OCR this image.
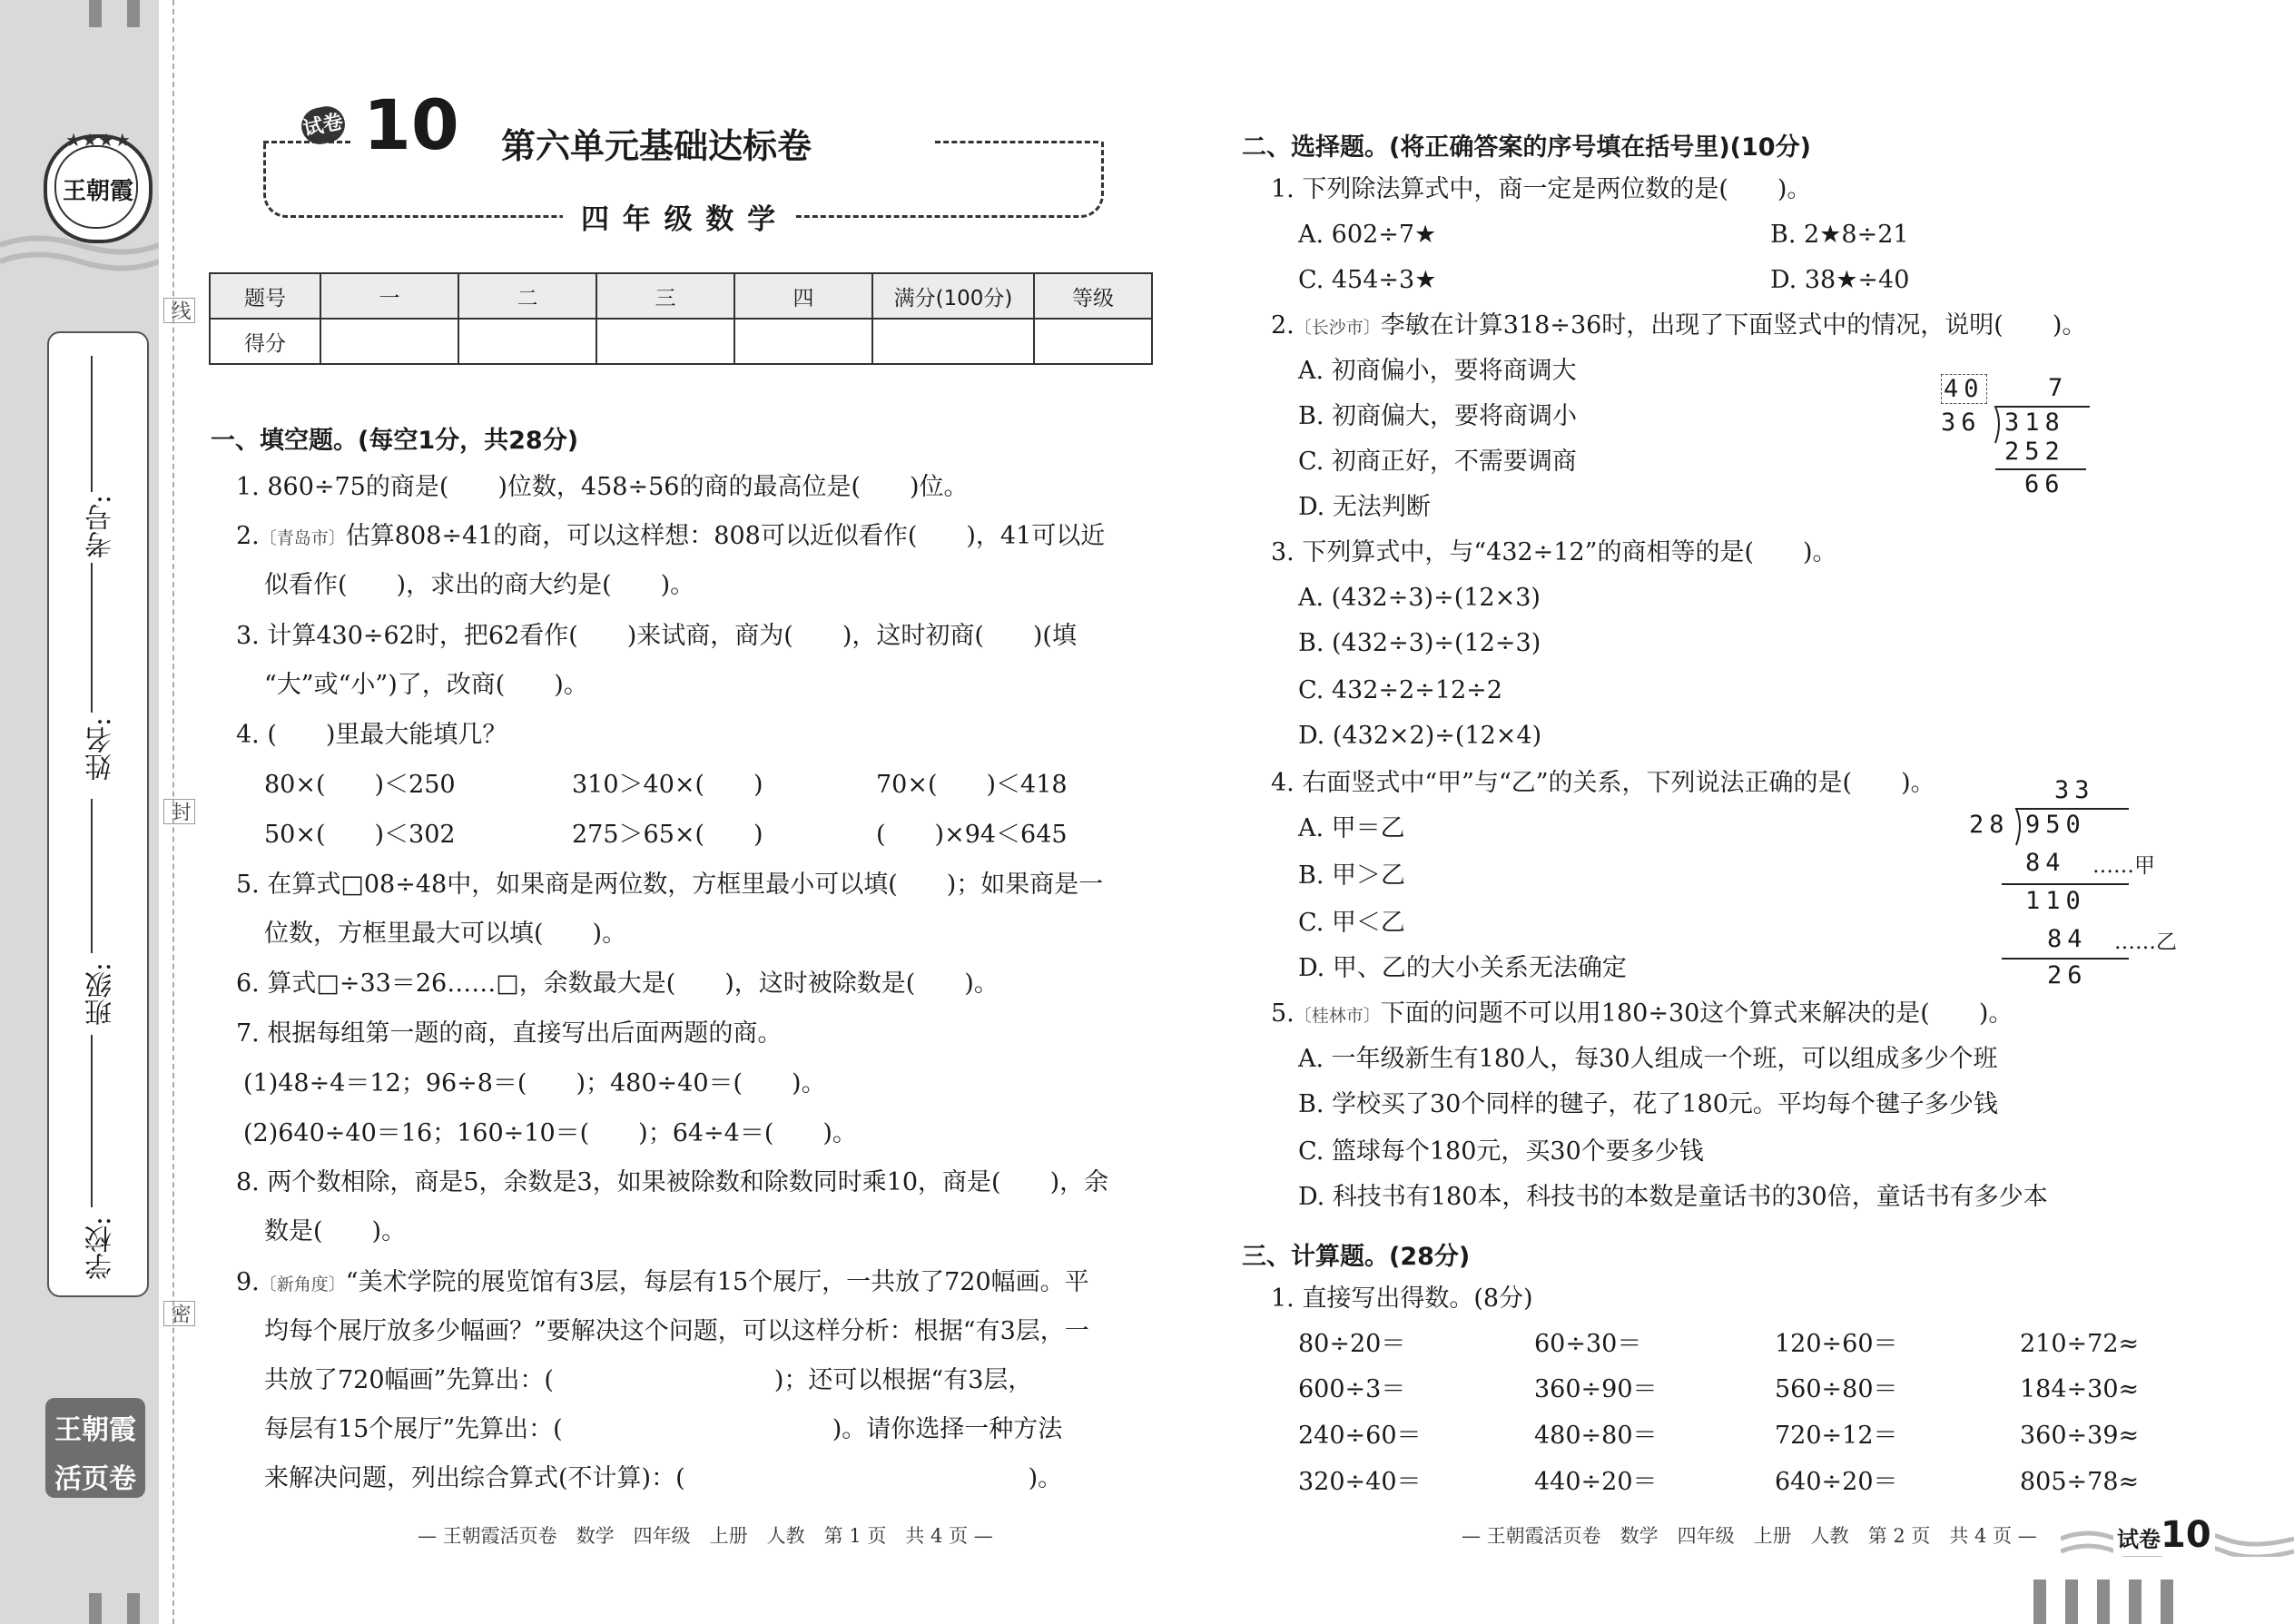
王朝霞
★★★★
线
封
密
考号:
姓名:
班级:
学校:
王朝霞
活页卷
试卷 10 第六单元基础达标卷
四 年 级 数 学
题号	一	二	三	四	满分(100分)	等级
得分						
一、填空题。(每空1分，共28分)
1. 860÷75的商是(　　)位数，458÷56的商的最高位是(　　)位。
2.〔青岛市〕估算808÷41的商，可以这样想：808可以近似看作(　　)，41可以近
似看作(　　)，求出的商大约是(　　)。
3. 计算430÷62时，把62看作(　　)来试商，商为(　　)，这时初商(　　)(填
“大”或“小”)了，改商(　　)。
4. (　　)里最大能填几？
80×(　　)＜250	310＞40×(　　)	70×(　　)＜418
50×(　　)＜302	275＞65×(　　)	(　　)×94＜645
5. 在算式□08÷48中，如果商是两位数，方框里最小可以填(　　)；如果商是一
位数，方框里最大可以填(　　)。
6. 算式□÷33＝26……□，余数最大是(　　)，这时被除数是(　　)。
7. 根据每组第一题的商，直接写出后面两题的商。
(1)48÷4＝12；96÷8＝(　　)；480÷40＝(　　)。
(2)640÷40＝16；160÷10＝(　　)；64÷4＝(　　)。
8. 两个数相除，商是5，余数是3，如果被除数和除数同时乘10，商是(　　)，余
数是(　　)。
9.〔新角度〕“美术学院的展览馆有3层，每层有15个展厅，一共放了720幅画。平
均每个展厅放多少幅画？”要解决这个问题，可以这样分析：根据“有3层，一
共放了720幅画”先算出：(　　　　　　　　　)；还可以根据“有3层，
每层有15个展厅”先算出：(　　　　　　　　　　　)。请你选择一种方法
来解决问题，列出综合算式(不计算)：(　　　　　　　　　　　　　　)。
— 王朝霞活页卷　数学　四年级　上册　人教　第 1 页　共 4 页 —
二、选择题。(将正确答案的序号填在括号里)(10分)
1. 下列除法算式中，商一定是两位数的是(　　)。
A. 602÷7★	B. 2★8÷21
C. 454÷3★	D. 38★÷40
2.〔长沙市〕李敏在计算318÷36时，出现了下面竖式中的情况，说明(　　)。
A. 初商偏小，要将商调大
B. 初商偏大，要将商调小
C. 初商正好，不需要调商
D. 无法判断
40	7
36 318
252
66
3. 下列算式中，与“432÷12”的商相等的是(　　)。
A. (432÷3)÷(12×3)
B. (432÷3)÷(12÷3)
C. 432÷2÷12÷2
D. (432×2)÷(12×4)
4. 右面竖式中“甲”与“乙”的关系，下列说法正确的是(　　)。
A. 甲＝乙
B. 甲＞乙
C. 甲＜乙
D. 甲、乙的大小关系无法确定
33
28 950
84 ……甲
110
84 ……乙
26
5.〔桂林市〕下面的问题不可以用180÷30这个算式来解决的是(　　)。
A. 一年级新生有180人，每30人组成一个班，可以组成多少个班
B. 学校买了30个同样的毽子，花了180元。平均每个毽子多少钱
C. 篮球每个180元，买30个要多少钱
D. 科技书有180本，科技书的本数是童话书的30倍，童话书有多少本
三、计算题。(28分)
1. 直接写出得数。(8分)
80÷20＝	60÷30＝	120÷60＝	210÷72≈
600÷3＝	360÷90＝	560÷80＝	184÷30≈
240÷60＝	480÷80＝	720÷12＝	360÷39≈
320÷40＝	440÷20＝	640÷20＝	805÷78≈
— 王朝霞活页卷　数学　四年级　上册　人教　第 2 页　共 4 页 —	试卷10
